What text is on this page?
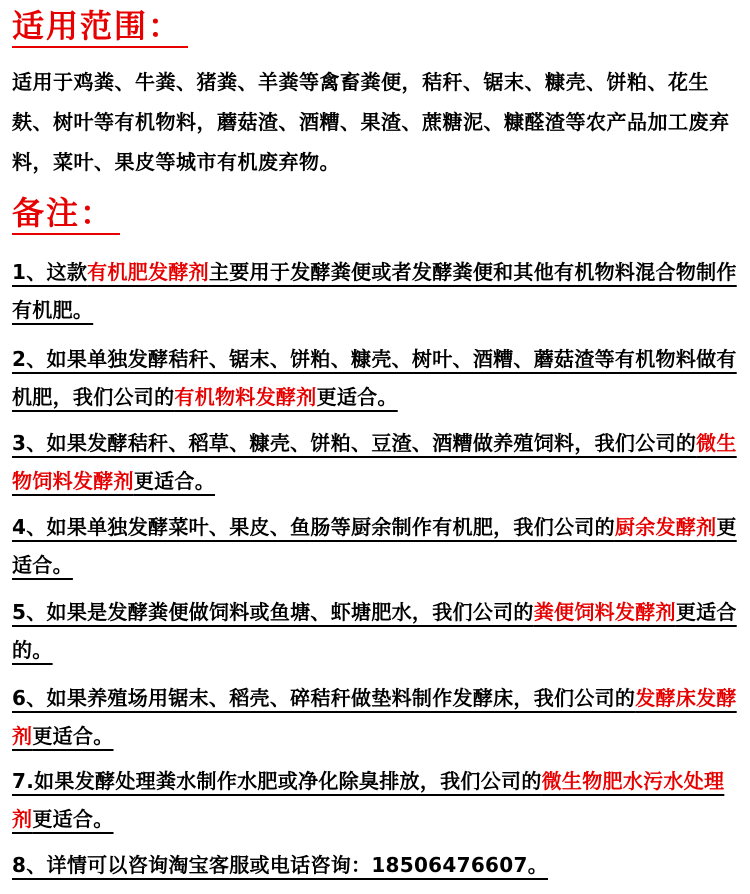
适用范围：
适用于鸡粪、牛粪、猪粪、羊粪等禽畜粪便，秸秆、锯末、糠壳、饼粕、花生麸、树叶等有机物料，蘑菇渣、酒糟、果渣、蔗糖泥、糠醛渣等农产品加工废弃料，菜叶、果皮等城市有机废弃物。
备注：
1、这款有机肥发酵剂主要用于发酵粪便或者发酵粪便和其他有机物料混合物制作有机肥。
2、如果单独发酵秸秆、锯末、饼粕、糠壳、树叶、酒糟、蘑菇渣等有机物料做有机肥，我们公司的有机物料发酵剂更适合。
3、如果发酵秸秆、稻草、糠壳、饼粕、豆渣、酒糟做养殖饲料，我们公司的微生物饲料发酵剂更适合。
4、如果单独发酵菜叶、果皮、鱼肠等厨余制作有机肥，我们公司的厨余发酵剂更适合。
5、如果是发酵粪便做饲料或鱼塘、虾塘肥水，我们公司的粪便饲料发酵剂更适合的。
6、如果养殖场用锯末、稻壳、碎秸秆做垫料制作发酵床，我们公司的发酵床发酵剂更适合。
7.如果发酵处理粪水制作水肥或净化除臭排放，我们公司的微生物肥水污水处理剂更适合。
8、详情可以咨询淘宝客服或电话咨询：18506476607。
